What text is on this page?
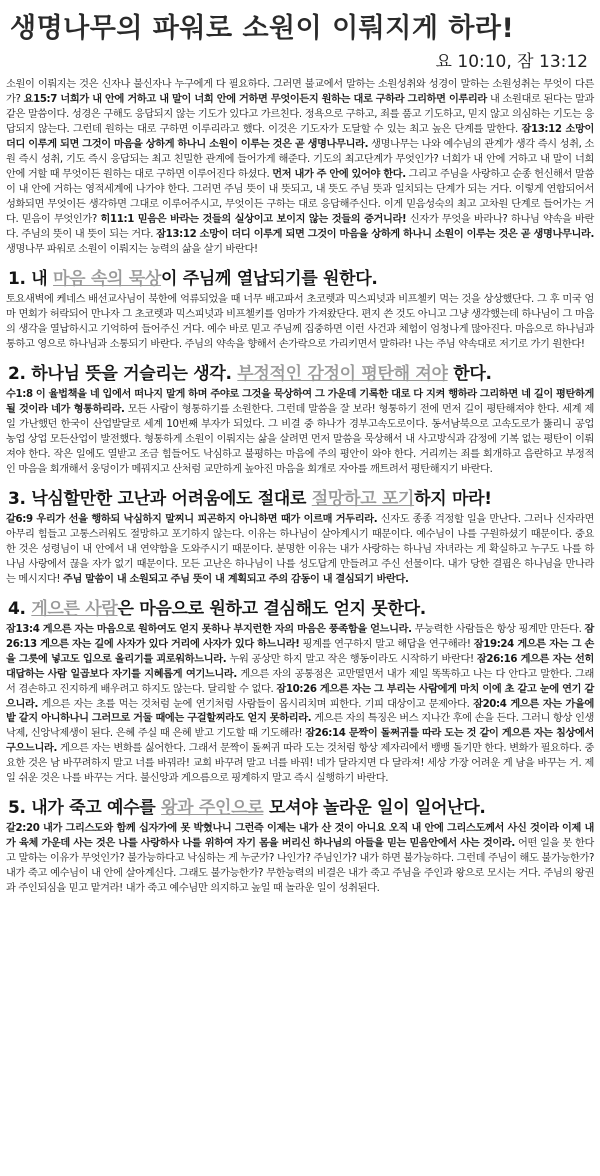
생명나무의 파워로 소원이 이뤄지게 하라!
요 10:10, 잠 13:12
소원이 이뤄지는 것은 신자나 불신자나 누구에게 다 필요하다. 그러면 불교에서 말하는 소원성취와 성경이 말하는 소원성취는 무엇이 다른가? 요15:7 너희가 내 안에 거하고 내 말이 너희 안에 거하면 무엇이든지 원하는 대로 구하라 그리하면 이루리라 내 소원대로 된다는 말과 같은 말씀이다. 성경은 구해도 응답되지 않는 기도가 있다고 가르친다. 정욕으로 구하고, 죄를 품고 기도하고, 믿지 않고 의심하는 기도는 응답되지 않는다. 그런데 원하는 대로 구하면 이루리라고 했다. 이것은 기도자가 도달할 수 있는 최고 높은 단계를 말한다. 잠13:12 소망이 더디 이루게 되면 그것이 마음을 상하게 하나니 소원이 이루는 것은 곧 생명나무니라. 생명나무는 나와 예수님의 관계가 생각 즉시 성취, 소원 즉시 성취, 기도 즉시 응답되는 최고 친밀한 관계에 들어가게 해준다. 기도의 최고단계가 무엇인가? 너희가 내 안에 거하고 내 말이 너희 안에 거할 때 무엇이든 원하는 대로 구하면 이루어진다 하셨다. 먼저 내가 주 안에 있어야 한다. 그리고 주님을 사랑하고 순종 헌신해서 말씀이 내 안에 거하는 영적세계에 나가야 한다. 그러면 주님 뜻이 내 뜻되고, 내 뜻도 주님 뜻과 일치되는 단계가 되는 거다. 이렇게 연합되어서 성화되면 무엇이든 생각하면 그대로 이루어주시고, 무엇이든 구하는 대로 응답해주신다. 이게 믿음성숙의 최고 고차원 단계로 들어가는 거다. 믿음이 무엇인가? 히11:1 믿음은 바라는 것들의 실상이고 보이지 않는 것들의 증거니라! 신자가 무엇을 바라나? 하나님 약속을 바란다. 주님의 뜻이 내 뜻이 되는 거다. 잠13:12 소망이 더디 이루게 되면 그것이 마음을 상하게 하나니 소원이 이루는 것은 곧 생명나무니라. 생명나무 파워로 소원이 이뤄지는 능력의 삶을 살기 바란다!
1. 내 마음 속의 묵상이 주님께 열납되기를 원한다.
토요새벽에 케네스 배선교사님이 북한에 억류되었을 때 너무 배고파서 초코렛과 믹스피넛과 비프첼키 먹는 것을 상상했단다. 그 후 미국 엄마 면회가 허락되어 만나자 그 초코렛과 믹스피넛과 비프첼키를 엄마가 가져왔단다. 편지 쓴 것도 아니고 그냥 생각했는데 하나님이 그 마음의 생각을 열납하시고 기억하여 들어주신 거다. 예수 바로 믿고 주님께 집중하면 이런 사건과 체험이 엄청나게 많아진다. 마음으로 하나님과 통하고 영으로 하나님과 소통되기 바란다. 주님의 약속을 향해서 손가락으로 가리키면서 말하라! 나는 주님 약속대로 저기로 가기 원한다!
2. 하나님 뜻을 거슬리는 생각. 부정적인 감정이 평탄해 져야 한다.
수1:8 이 율법책을 네 입에서 떠나지 말게 하며 주야로 그것을 묵상하여 그 가운데 기록한 대로 다 지켜 행하라 그리하면 네 길이 평탄하게 될 것이라 네가 형통하리라. 모든 사람이 형통하기를 소원한다. 그런데 말씀을 잘 보라! 형통하기 전에 먼저 길이 평탄해져야 한다. 세계 제일 가난했던 한국이 산업발달로 세계 10번째 부자가 되었다. 그 비결 중 하나가 경부고속도로이다. 동서남북으로 고속도로가 뚫리니 공업 농업 상업 모든산업이 발전했다. 형통하게 소원이 이뤄지는 삶을 살려면 먼저 말씀을 묵상해서 내 사고방식과 감정에 기복 없는 평탄이 이뤄져야 한다. 작은 일에도 열받고 조금 힘들어도 낙심하고 불평하는 마음에 주의 평안이 와야 한다. 거리끼는 죄를 회개하고 음란하고 부정적인 마음을 회개해서 웅덩이가 메꿔지고 산처럼 교만하게 높아진 마음을 회개로 자아를 깨트려서 평탄해지기 바란다.
3. 낙심할만한 고난과 어려움에도 절대로 절망하고 포기하지 마라!
갈6:9 우리가 선을 행하되 낙심하지 말찌니 피곤하지 아니하면 때가 이르매 거두리라. 신자도 종종 걱정할 일을 만난다. 그러나 신자라면 아무리 힘들고 고통스러워도 절망하고 포기하지 않는다. 이유는 하나님이 살아계시기 때문이다. 예수님이 나를 구원하셨기 때문이다. 중요한 것은 성령님이 내 안에서 내 연약함을 도와주시기 때문이다. 분명한 이유는 내가 사랑하는 하나님 자녀라는 게 확실하고 누구도 나를 하나님 사랑에서 끊을 자가 없기 때문이다. 모든 고난은 하나님이 나를 성도답게 만들려고 주신 선물이다. 내가 당한 결핍은 하나님을 만나라는 메시지다! 주님 말씀이 내 소원되고 주님 뜻이 내 계획되고 주의 감동이 내 결심되기 바란다.
4. 게으른 사람은 마음으로 원하고 결심해도 얻지 못한다.
잠13:4 게으른 자는 마음으로 원하여도 얻지 못하나 부지런한 자의 마음은 풍족함을 얻느니라. 무능력한 사람들은 항상 핑계만 만든다. 잠26:13 게으른 자는 길에 사자가 있다 거리에 사자가 있다 하느니라! 핑계를 연구하지 말고 해답을 연구해라! 잠19:24 게으른 자는 그 손을 그릇에 넣고도 입으로 올리기를 괴로워하느니라. 누워 공상만 하지 말고 작은 행동이라도 시작하기 바란다! 잠26:16 게으른 자는 선히 대답하는 사람 일곱보다 자기를 지혜롭게 여기느니라. 게으른 자의 공통점은 교만떨면서 내가 제일 똑똑하고 나는 다 안다고 말한다. 그래서 겸손하고 진지하게 배우려고 하지도 않는다. 달리할 수 없다. 잠10:26 게으른 자는 그 부리는 사람에게 마치 이에 초 같고 눈에 연기 같으니라. 게으른 자는 초를 먹는 것처럼 눈에 연기처럼 사람들이 몹시리치며 피한다. 기피 대상이고 문제아다. 잠20:4 게으른 자는 가을에 밭 갈지 아니하나니 그러므로 거둘 때에는 구걸할찌라도 얻지 못하리라. 게으른 자의 특징은 버스 지나간 후에 손을 든다. 그러니 항상 인생낙제, 신앙낙제생이 된다. 은혜 주실 때 은혜 받고 기도할 때 기도해라! 잠26:14 문짝이 돌쩌귀를 따라 도는 것 같이 게으른 자는 침상에서 구으느니라. 게으른 자는 변화를 싫어한다. 그래서 문짝이 돌쩌귀 따라 도는 것처럼 항상 제자리에서 뱅뱅 돌기만 한다. 변화가 필요하다. 중요한 것은 남 바꾸려하지 말고 너를 바꿔라! 교회 바꾸려 말고 너를 바꿔! 네가 달라지면 다 달라져! 세상 가장 어려운 게 남을 바꾸는 거. 제일 쉬운 것은 나를 바꾸는 거다. 불신앙과 게으름으로 핑계하지 말고 즉시 실행하기 바란다.
5. 내가 죽고 예수를 왕과 주인으로 모셔야 놀라운 일이 일어난다.
갈2:20 내가 그리스도와 함께 십자가에 못 박혔나니 그런즉 이제는 내가 산 것이 아니요 오직 내 안에 그리스도께서 사신 것이라 이제 내가 육체 가운데 사는 것은 나를 사랑하사 나를 위하여 자기 몸을 버리신 하나님의 아들을 믿는 믿음안에서 사는 것이라. 어떤 일을 못 한다고 말하는 이유가 무엇인가? 불가능하다고 낙심하는 게 누군가? 나인가? 주님인가? 내가 하면 불가능하다. 그런데 주님이 해도 불가능한가? 내가 죽고 예수님이 내 안에 살아계신다. 그래도 불가능한가? 무한능력의 비결은 내가 죽고 주님을 주인과 왕으로 모시는 거다. 주님의 왕권과 주인되심을 믿고 맡겨라! 내가 죽고 예수님만 의지하고 높일 때 놀라운 일이 성취된다.
